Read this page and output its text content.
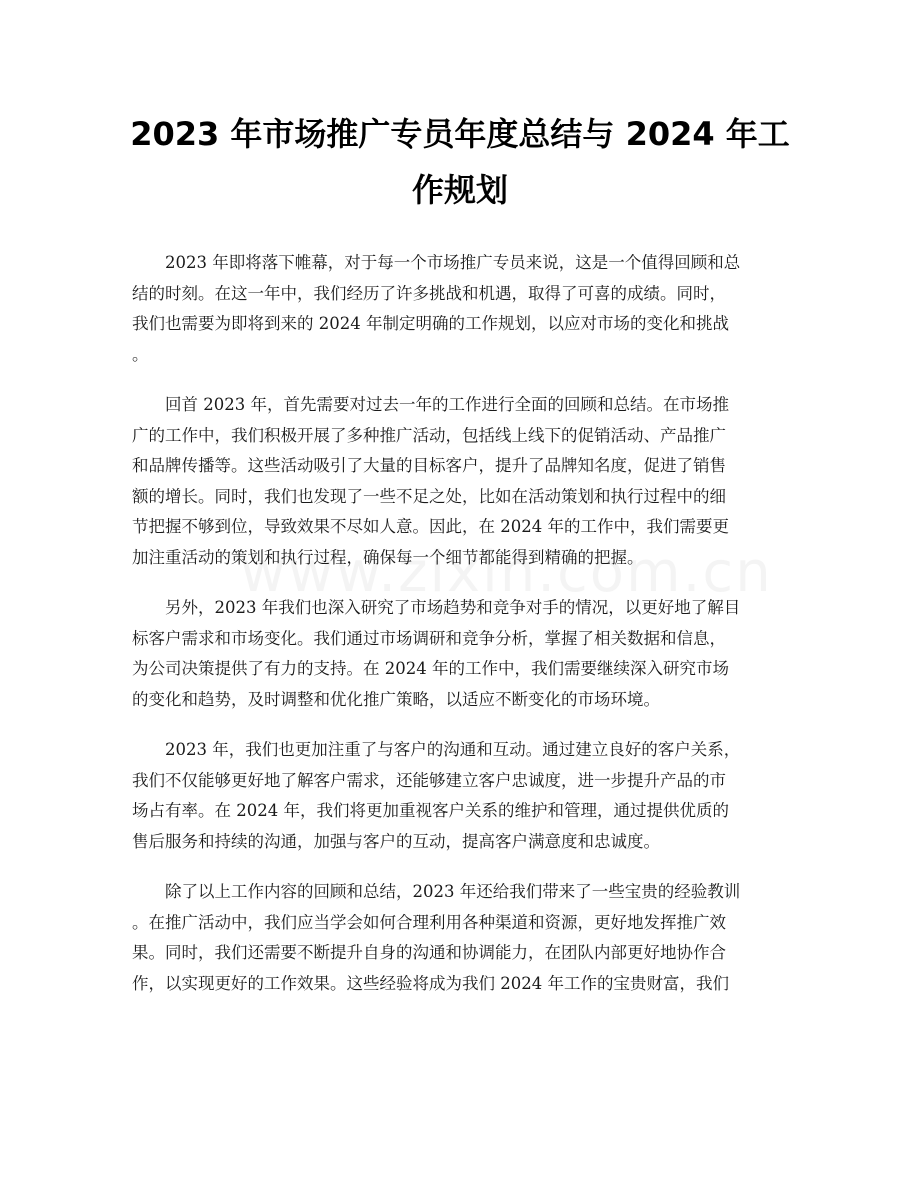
2023 年市场推广专员年度总结与 2024 年工
作规划

　　2023 年即将落下帷幕，对于每一个市场推广专员来说，这是一个值得回顾和总
结的时刻。在这一年中，我们经历了许多挑战和机遇，取得了可喜的成绩。同时，
我们也需要为即将到来的 2024 年制定明确的工作规划，以应对市场的变化和挑战
。

　　回首 2023 年，首先需要对过去一年的工作进行全面的回顾和总结。在市场推
广的工作中，我们积极开展了多种推广活动，包括线上线下的促销活动、产品推广
和品牌传播等。这些活动吸引了大量的目标客户，提升了品牌知名度，促进了销售
额的增长。同时，我们也发现了一些不足之处，比如在活动策划和执行过程中的细
节把握不够到位，导致效果不尽如人意。因此，在 2024 年的工作中，我们需要更
加注重活动的策划和执行过程，确保每一个细节都能得到精确的把握。

　　另外，2023 年我们也深入研究了市场趋势和竞争对手的情况，以更好地了解目
标客户需求和市场变化。我们通过市场调研和竞争分析，掌握了相关数据和信息，
为公司决策提供了有力的支持。在 2024 年的工作中，我们需要继续深入研究市场
的变化和趋势，及时调整和优化推广策略，以适应不断变化的市场环境。

　　2023 年，我们也更加注重了与客户的沟通和互动。通过建立良好的客户关系，
我们不仅能够更好地了解客户需求，还能够建立客户忠诚度，进一步提升产品的市
场占有率。在 2024 年，我们将更加重视客户关系的维护和管理，通过提供优质的
售后服务和持续的沟通，加强与客户的互动，提高客户满意度和忠诚度。

　　除了以上工作内容的回顾和总结，2023 年还给我们带来了一些宝贵的经验教训
。在推广活动中，我们应当学会如何合理利用各种渠道和资源，更好地发挥推广效
果。同时，我们还需要不断提升自身的沟通和协调能力，在团队内部更好地协作合
作，以实现更好的工作效果。这些经验将成为我们 2024 年工作的宝贵财富，我们
